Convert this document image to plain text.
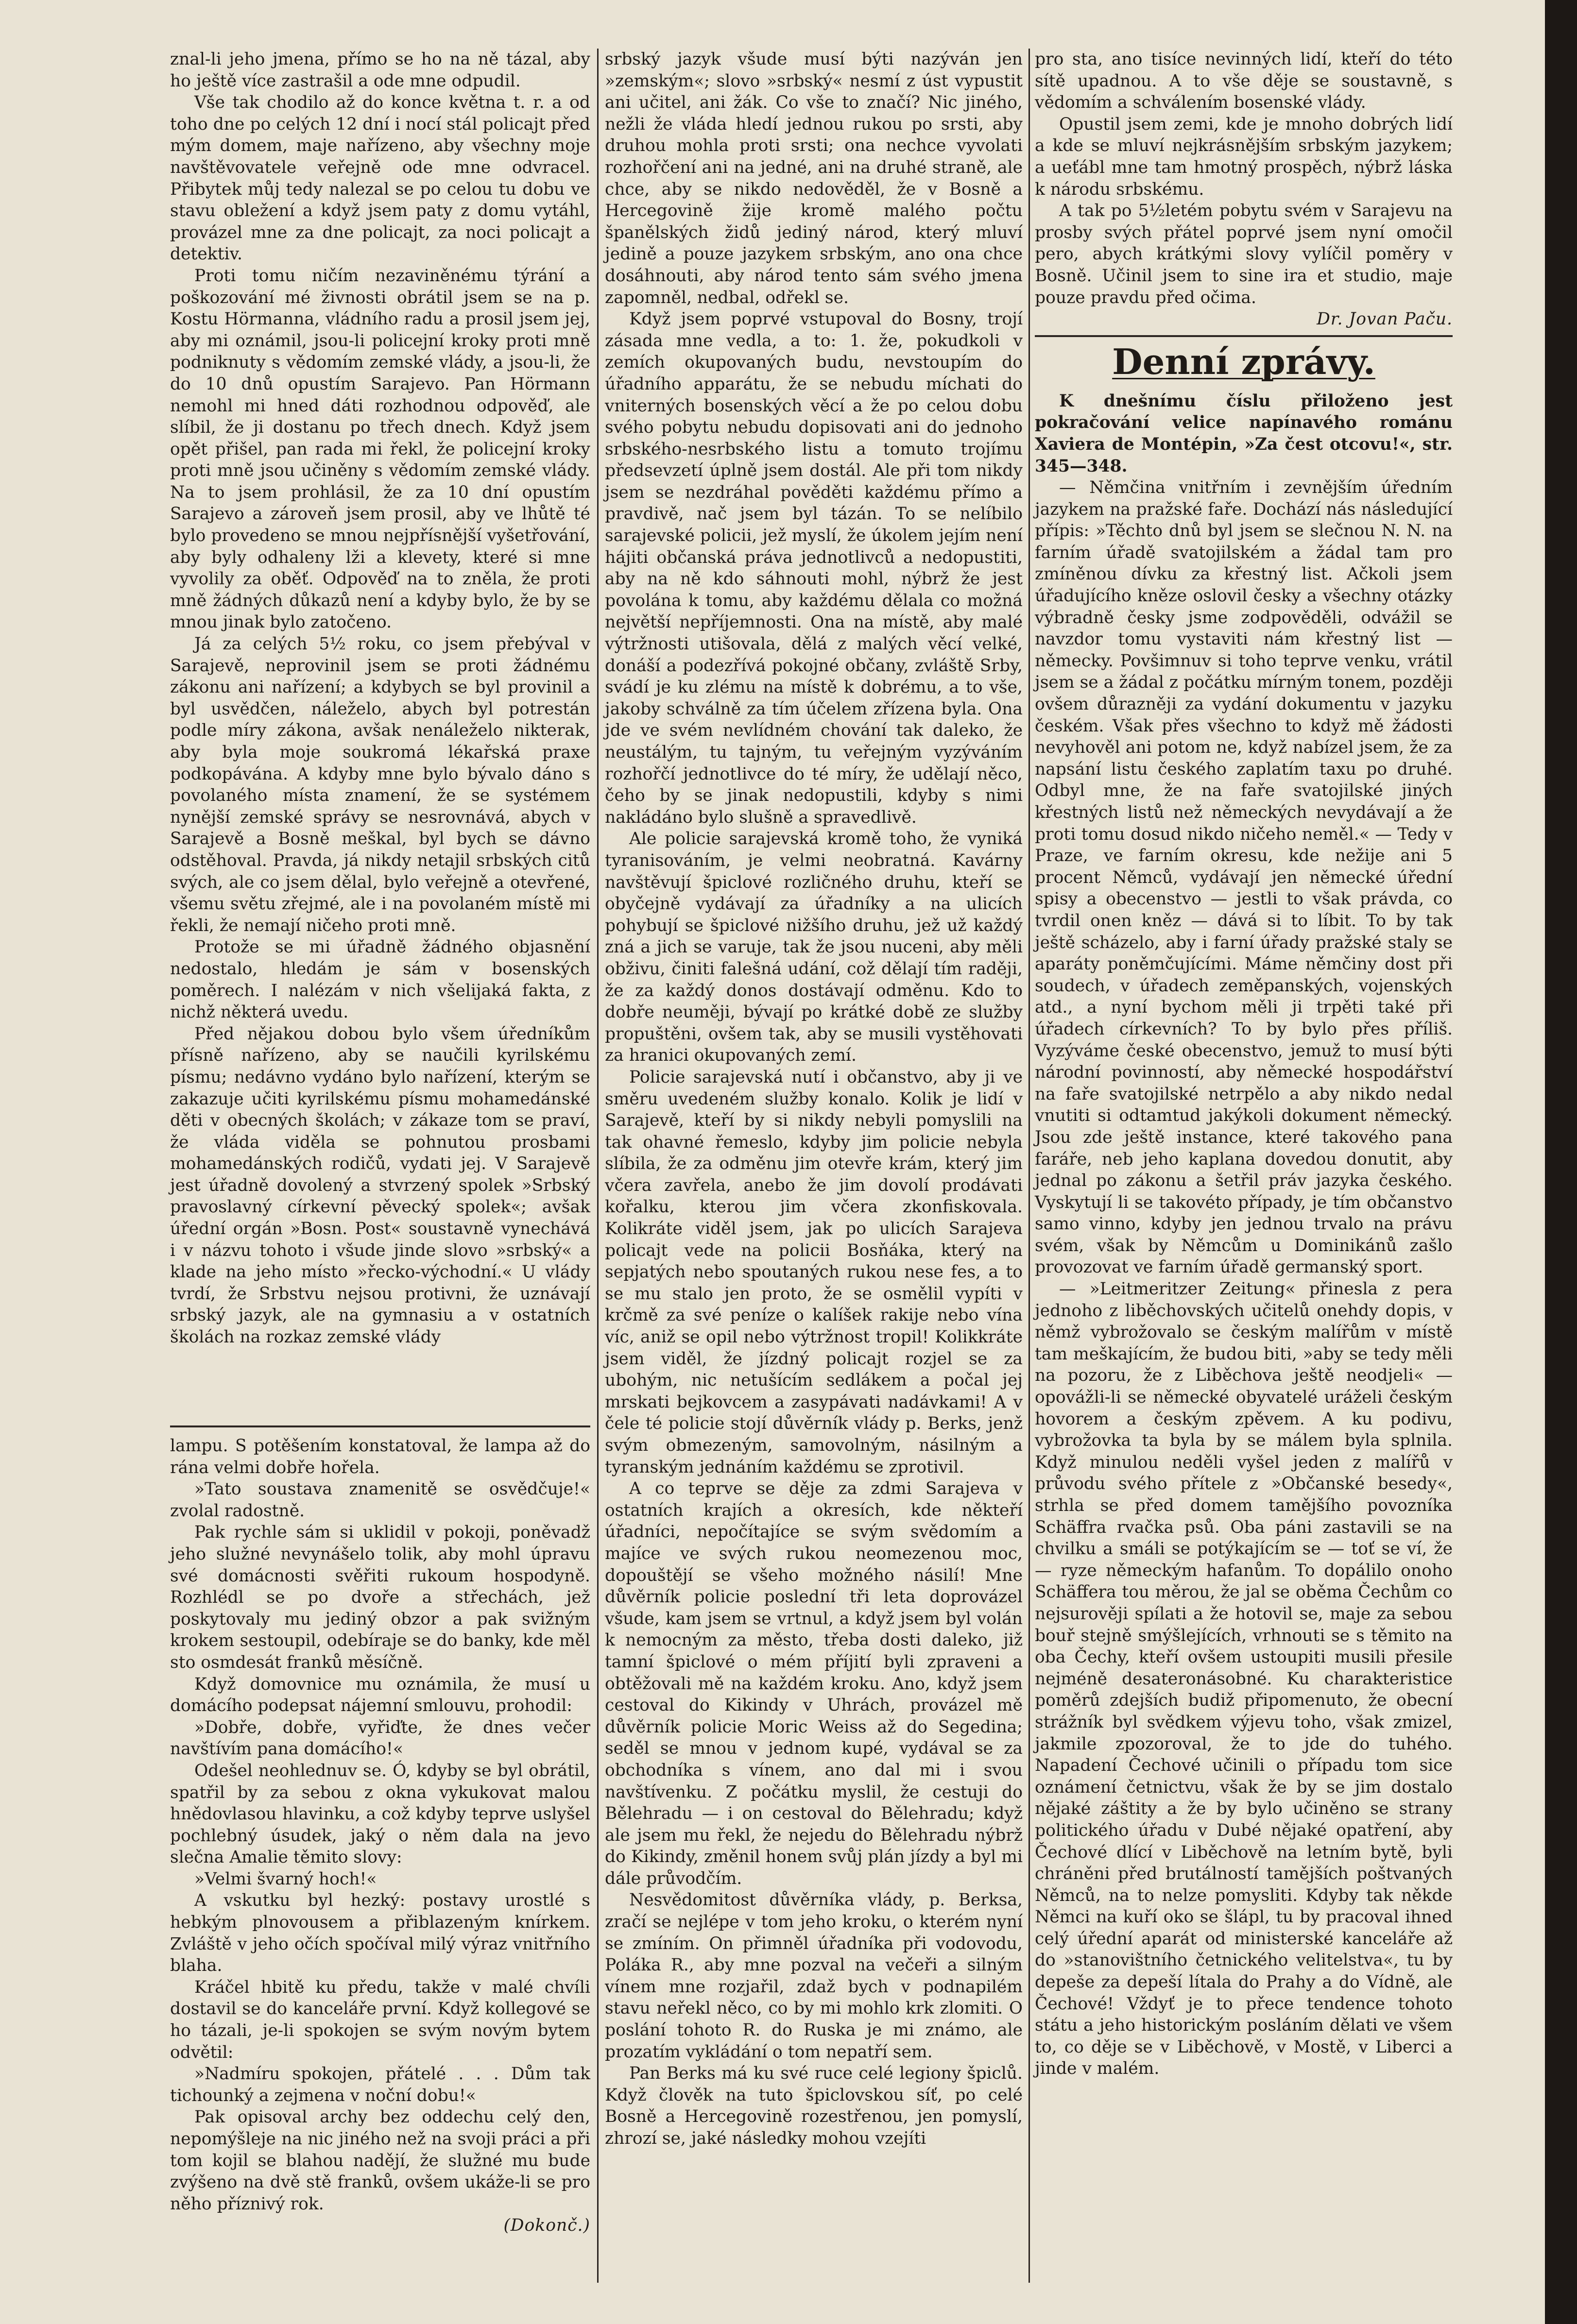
znal-li jeho jmena, přímo se ho na ně tázal, aby ho ještě více zastrašil a ode mne odpudil.

Vše tak chodilo až do konce května t. r. a od toho dne po celých 12 dní i nocí stál policajt před mým domem, maje nařízeno, aby všechny moje navštěvovatele veřejně ode mne odvracel. Přibytek můj tedy nalezal se po celou tu dobu ve stavu obležení a když jsem paty z domu vytáhl, provázel mne za dne policajt, za noci policajt a detektiv.

Proti tomu ničím nezaviněnému týrání a poškozování mé živnosti obrátil jsem se na p. Kostu Hörmanna, vládního radu a prosil jsem jej, aby mi oznámil, jsou-li policejní kroky proti mně podniknuty s vědomím zemské vlády, a jsou-li, že do 10 dnů opustím Sarajevo. Pan Hörmann nemohl mi hned dáti rozhodnou odpověď, ale slíbil, že ji dostanu po třech dnech. Když jsem opět přišel, pan rada mi řekl, že policejní kroky proti mně jsou učiněny s vědomím zemské vlády. Na to jsem prohlásil, že za 10 dní opustím Sarajevo a zároveň jsem prosil, aby ve lhůtě té bylo provedeno se mnou nejpřísnější vyšetřování, aby byly odhaleny lži a klevety, které si mne vyvolily za oběť. Odpověď na to zněla, že proti mně žádných důkazů není a kdyby bylo, že by se mnou jinak bylo zatočeno.

Já za celých 5½ roku, co jsem přebýval v Sarajevě, neprovinil jsem se proti žádnému zákonu ani nařízení; a kdybych se byl provinil a byl usvědčen, náleželo, abych byl potrestán podle míry zákona, avšak nenáleželo nikterak, aby byla moje soukromá lékařská praxe podkopávána. A kdyby mne bylo bývalo dáno s povolaného místa znamení, že se systémem nynější zemské správy se nesrovnává, abych v Sarajevě a Bosně meškal, byl bych se dávno odstěhoval. Pravda, já nikdy netajil srbských citů svých, ale co jsem dělal, bylo veřejně a otevřené, všemu světu zřejmé, ale i na povolaném místě mi řekli, že nemají ničeho proti mně.

Protože se mi úřadně žádného objasnění nedostalo, hledám je sám v bosenských poměrech. I nalézám v nich všelijaká fakta, z nichž některá uvedu.

Před nějakou dobou bylo všem úředníkům přísně nařízeno, aby se naučili kyrilskému písmu; nedávno vydáno bylo nařízení, kterým se zakazuje učiti kyrilskému písmu mohamedánské děti v obecných školách; v zákaze tom se praví, že vláda viděla se pohnutou prosbami mohamedánských rodičů, vydati jej. V Sarajevě jest úřadně dovolený a stvrzený spolek »Srbský pravoslavný církevní pěvecký spolek«; avšak úřední orgán »Bosn. Post« soustavně vynechává i v názvu tohoto i všude jinde slovo »srbský« a klade na jeho místo »řecko-východní.« U vlády tvrdí, že Srbstvu nejsou protivni, že uznávají srbský jazyk, ale na gymnasiu a v ostatních školách na rozkaz zemské vlády

lampu. S potěšením konstatoval, že lampa až do rána velmi dobře hořela.

»Tato soustava znamenitě se osvědčuje!« zvolal radostně.

Pak rychle sám si uklidil v pokoji, poněvadž jeho služné nevynášelo tolik, aby mohl úpravu své domácnosti svěřiti rukoum hospodyně. Rozhlédl se po dvoře a střechách, jež poskytovaly mu jediný obzor a pak svižným krokem sestoupil, odebíraje se do banky, kde měl sto osmdesát franků měsíčně.

Když domovnice mu oznámila, že musí u domácího podepsat nájemní smlouvu, prohodil:

»Dobře, dobře, vyřiďte, že dnes večer navštívím pana domácího!«

Odešel neohlednuv se. Ó, kdyby se byl obrátil, spatřil by za sebou z okna vykukovat malou hnědovlasou hlavinku, a což kdyby teprve uslyšel pochlebný úsudek, jaký o něm dala na jevo slečna Amalie těmito slovy:

»Velmi švarný hoch!«

A vskutku byl hezký: postavy urostlé s hebkým plnovousem a přiblazeným knírkem. Zvláště v jeho očích spočíval milý výraz vnitřního blaha.

Kráčel hbitě ku předu, takže v malé chvíli dostavil se do kanceláře první. Když kollegové se ho tázali, je-li spokojen se svým novým bytem odvětil:

»Nadmíru spokojen, přátelé . . . Dům tak tichounký a zejmena v noční dobu!«

Pak opisoval archy bez oddechu celý den, nepomýšleje na nic jiného než na svoji práci a při tom kojil se blahou nadějí, že služné mu bude zvýšeno na dvě stě franků, ovšem ukáže-li se pro něho příznivý rok.

(Dokonč.)

srbský jazyk všude musí býti nazýván jen »zemským«; slovo »srbský« nesmí z úst vypustit ani učitel, ani žák. Co vše to značí? Nic jiného, nežli že vláda hledí jednou rukou po srsti, aby druhou mohla proti srsti; ona nechce vyvolati rozhořčení ani na jedné, ani na druhé straně, ale chce, aby se nikdo nedověděl, že v Bosně a Hercegovině žije kromě malého počtu španělských židů jediný národ, který mluví jedině a pouze jazykem srbským, ano ona chce dosáhnouti, aby národ tento sám svého jmena zapomněl, nedbal, odřekl se.

Když jsem poprvé vstupoval do Bosny, trojí zásada mne vedla, a to: 1. že, pokudkoli v zemích okupovaných budu, nevstoupím do úřadního apparátu, že se nebudu míchati do vniterných bosenských věcí a že po celou dobu svého pobytu nebudu dopisovati ani do jednoho srbského-nesrbského listu a tomuto trojímu předsevzetí úplně jsem dostál. Ale při tom nikdy jsem se nezdráhal pověděti každému přímo a pravdivě, nač jsem byl tázán. To se nelíbilo sarajevské policii, jež myslí, že úkolem jejím není hájiti občanská práva jednotlivců a nedopustiti, aby na ně kdo sáhnouti mohl, nýbrž že jest povolána k tomu, aby každému dělala co možná největší nepříjemnosti. Ona na místě, aby malé výtržnosti utišovala, dělá z malých věcí velké, donáší a podezřívá pokojné občany, zvláště Srby, svádí je ku zlému na místě k dobrému, a to vše, jakoby schválně za tím účelem zřízena byla. Ona jde ve svém nevlídném chování tak daleko, že neustálým, tu tajným, tu veřejným vyzýváním rozhořčí jednotlivce do té míry, že udělají něco, čeho by se jinak nedopustili, kdyby s nimi nakládáno bylo slušně a spravedlivě.

Ale policie sarajevská kromě toho, že vyniká tyranisováním, je velmi neobratná. Kavárny navštěvují špiclové rozličného druhu, kteří se obyčejně vydávají za úřadníky a na ulicích pohybují se špiclové nižšího druhu, jež už každý zná a jich se varuje, tak že jsou nuceni, aby měli obživu, činiti falešná udání, což dělají tím raději, že za každý donos dostávají odměnu. Kdo to dobře neuměji, bývají po krátké době ze služby propuštěni, ovšem tak, aby se musili vystěhovati za hranici okupovaných zemí.

Policie sarajevská nutí i občanstvo, aby ji ve směru uvedeném služby konalo. Kolik je lidí v Sarajevě, kteří by si nikdy nebyli pomyslili na tak ohavné řemeslo, kdyby jim policie nebyla slíbila, že za odměnu jim otevře krám, který jim včera zavřela, anebo že jim dovolí prodávati kořalku, kterou jim včera zkonfiskovala. Kolikráte viděl jsem, jak po ulicích Sarajeva policajt vede na policii Bosňáka, který na sepjatých nebo spoutaných rukou nese fes, a to se mu stalo jen proto, že se osmělil vypíti v krčmě za své peníze o kalíšek rakije nebo vína víc, aniž se opil nebo výtržnost tropil! Kolikkráte jsem viděl, že jízdný policajt rozjel se za ubohým, nic netušícím sedlákem a počal jej mrskati bejkovcem a zasypávati nadávkami! A v čele té policie stojí důvěrník vlády p. Berks, jenž svým obmezeným, samovolným, násilným a tyranským jednáním každému se zprotivil.

A co teprve se děje za zdmi Sarajeva v ostatních krajích a okresích, kde někteří úřadníci, nepočítajíce se svým svědomím a majíce ve svých rukou neomezenou moc, dopouštějí se všeho možného násilí! Mne důvěrník policie poslední tři leta doprovázel všude, kam jsem se vrtnul, a když jsem byl volán k nemocným za město, třeba dosti daleko, již tamní špiclové o mém příjití byli zpraveni a obtěžovali mě na každém kroku. Ano, když jsem cestoval do Kikindy v Uhrách, provázel mě důvěrník policie Moric Weiss až do Segedina; seděl se mnou v jednom kupé, vydával se za obchodníka s vínem, ano dal mi i svou navštívenku. Z počátku myslil, že cestuji do Bělehradu — i on cestoval do Bělehradu; když ale jsem mu řekl, že nejedu do Bělehradu nýbrž do Kikindy, změnil honem svůj plán jízdy a byl mi dále průvodčím.

Nesvědomitost důvěrníka vlády, p. Berksa, zračí se nejlépe v tom jeho kroku, o kterém nyní se zmíním. On přimněl úřadníka při vodovodu, Poláka R., aby mne pozval na večeři a silným vínem mne rozjařil, zdaž bych v podnapilém stavu neřekl něco, co by mi mohlo krk zlomiti. O poslání tohoto R. do Ruska je mi známo, ale prozatím vykládání o tom nepatří sem.

Pan Berks má ku své ruce celé legiony špiclů. Když člověk na tuto špiclovskou síť, po celé Bosně a Hercegovině rozestřenou, jen pomyslí, zhrozí se, jaké následky mohou vzejíti

pro sta, ano tisíce nevinných lidí, kteří do této sítě upadnou. A to vše děje se soustavně, s vědomím a schválením bosenské vlády.

Opustil jsem zemi, kde je mnoho dobrých lidí a kde se mluví nejkrásnějším srbským jazykem; a ueťábl mne tam hmotný prospěch, nýbrž láska k národu srbskému.

A tak po 5½letém pobytu svém v Sarajevu na prosby svých přátel poprvé jsem nyní omočil pero, abych krátkými slovy vylíčil poměry v Bosně. Učinil jsem to sine ira et studio, maje pouze pravdu před očima.

Dr. Jovan Paču.

Denní zprávy.

K dnešnímu číslu přiloženo jest pokračování velice napínavého románu Xaviera de Montépin, »Za čest otcovu!«, str. 345—348.

— Němčina vnitřním i zevnějším úředním jazykem na pražské faře. Dochází nás následující přípis: »Těchto dnů byl jsem se slečnou N. N. na farním úřadě svatojilském a žádal tam pro zmíněnou dívku za křestný list. Ačkoli jsem úřadujícího kněze oslovil česky a všechny otázky výbradně česky jsme zodpověděli, odvážil se navzdor tomu vystaviti nám křestný list — německy. Povšimnuv si toho teprve venku, vrátil jsem se a žádal z počátku mírným tonem, později ovšem důrazněji za vydání dokumentu v jazyku českém. Však přes všechno to když mě žádosti nevyhověl ani potom ne, když nabízel jsem, že za napsání listu českého zaplatím taxu po druhé. Odbyl mne, že na faře svatojilské jiných křestných listů než německých nevydávají a že proti tomu dosud nikdo ničeho neměl.« — Tedy v Praze, ve farním okresu, kde nežije ani 5 procent Němců, vydávají jen německé úřední spisy a obecenstvo — jestli to však právda, co tvrdil onen kněz — dává si to líbit. To by tak ještě scházelo, aby i farní úřady pražské staly se aparáty poněmčujícími. Máme němčiny dost při soudech, v úřadech zeměpanských, vojenských atd., a nyní bychom měli ji trpěti také při úřadech církevních? To by bylo přes příliš. Vyzýváme české obecenstvo, jemuž to musí býti národní povinností, aby německé hospodářství na faře svatojilské netrpělo a aby nikdo nedal vnutiti si odtamtud jakýkoli dokument německý. Jsou zde ještě instance, které takového pana faráře, neb jeho kaplana dovedou donutit, aby jednal po zákonu a šetřil práv jazyka českého. Vyskytují li se takovéto případy, je tím občanstvo samo vinno, kdyby jen jednou trvalo na právu svém, však by Němcům u Dominikánů zašlo provozovat ve farním úřadě germanský sport.

— »Leitmeritzer Zeitung« přinesla z pera jednoho z liběchovských učitelů onehdy dopis, v němž vybrožovalo se českým malířům v místě tam meškajícím, že budou biti, »aby se tedy měli na pozoru, že z Liběchova ještě neodjeli« — opovážli-li se německé obyvatelé uráželi českým hovorem a českým zpěvem. A ku podivu, vybrožovka ta byla by se málem byla splnila. Když minulou neděli vyšel jeden z malířů v průvodu svého přítele z »Občanské besedy«, strhla se před domem tamějšího povozníka Schäffra rvačka psů. Oba páni zastavili se na chvilku a smáli se potýkajícím se — toť se ví, že — ryze německým hafanům. To dopálilo onoho Schäffera tou měrou, že jal se oběma Čechům co nejsurověji spílati a že hotovil se, maje za sebou bouř stejně smýšlejících, vrhnouti se s těmito na oba Čechy, kteří ovšem ustoupiti musili přesile nejméně desateronásobné. Ku charakteristice poměrů zdejších budiž připomenuto, že obecní strážník byl svědkem výjevu toho, však zmizel, jakmile zpozoroval, že to jde do tuhého. Napadení Čechové učinili o případu tom sice oznámení četnictvu, však že by se jim dostalo nějaké záštity a že by bylo učiněno se strany politického úřadu v Dubé nějaké opatření, aby Čechové dlící v Liběchově na letním bytě, byli chráněni před brutálností tamějších poštvaných Němců, na to nelze pomysliti. Kdyby tak někde Němci na kuří oko se šlápl, tu by pracoval ihned celý úřední aparát od ministerské kanceláře až do »stanovištního četnického velitelstva«, tu by depeše za depeší lítala do Prahy a do Vídně, ale Čechové! Vždyť je to přece tendence tohoto státu a jeho historickým posláním dělati ve všem to, co děje se v Liběchově, v Mostě, v Liberci a jinde v malém.
